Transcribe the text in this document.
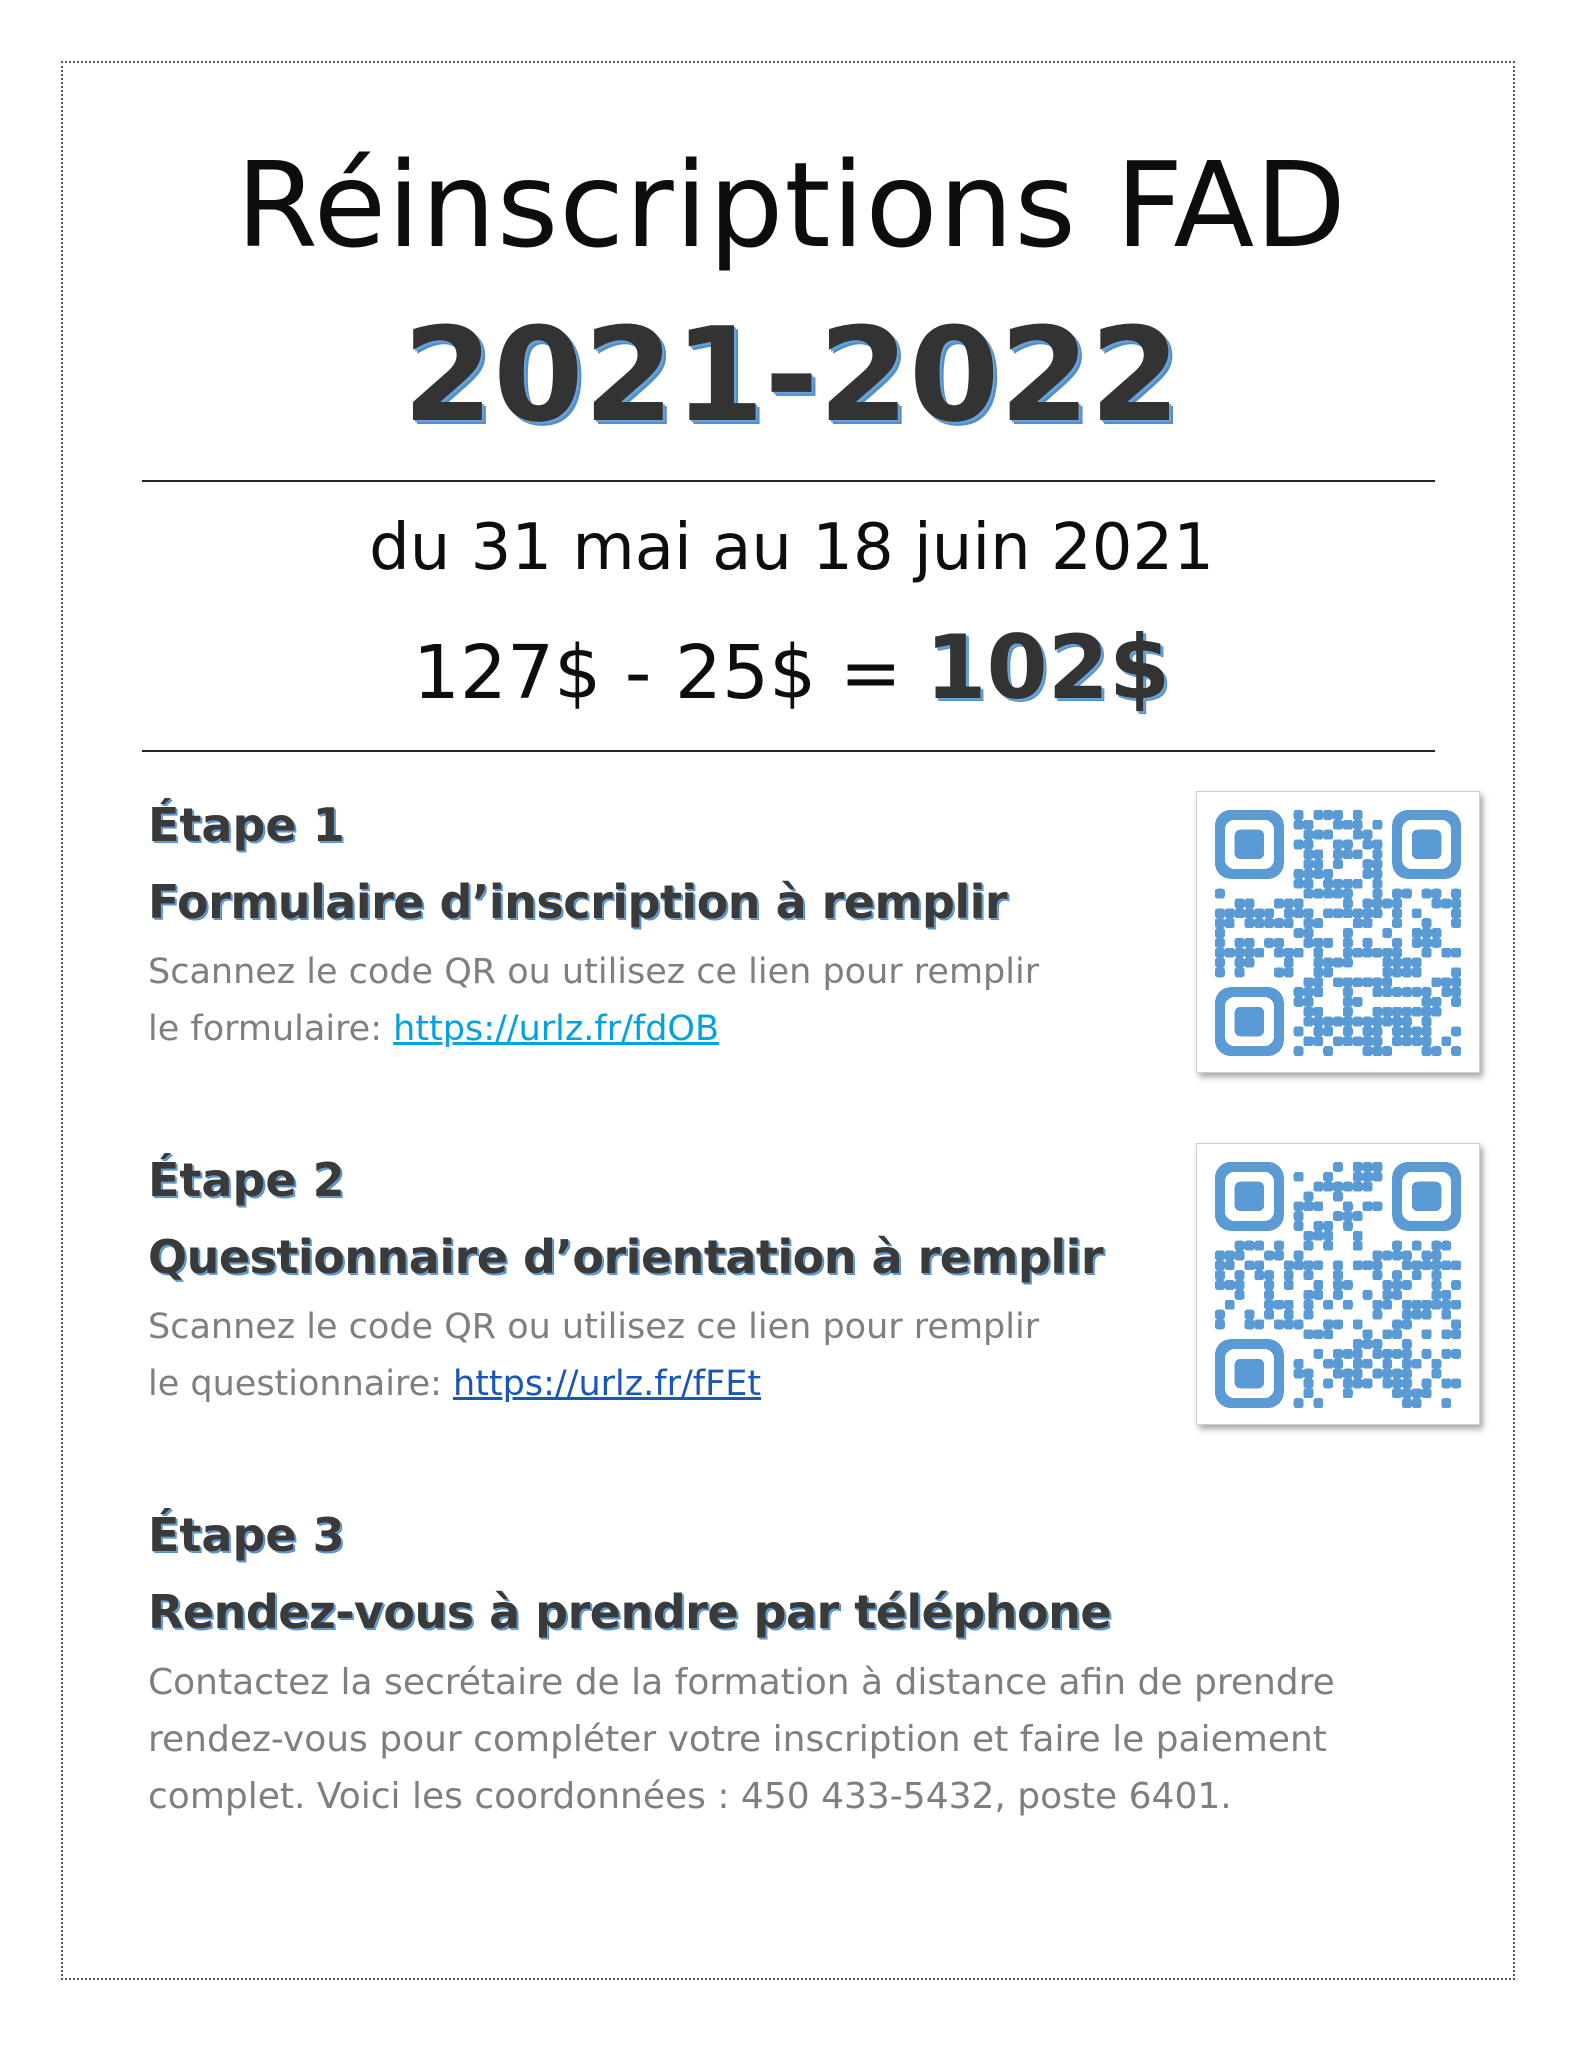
Réinscriptions FAD
2021-2022
du 31 mai au 18 juin 2021
127$ - 25$ = 102$
Étape 1
Formulaire d’inscription à remplir
Scannez le code QR ou utilisez ce lien pour remplir
le formulaire: https://urlz.fr/fdOB
Étape 2
Questionnaire d’orientation à remplir
Scannez le code QR ou utilisez ce lien pour remplir
le questionnaire: https://urlz.fr/fFEt
Étape 3
Rendez-vous à prendre par téléphone
Contactez la secrétaire de la formation à distance afin de prendre
rendez-vous pour compléter votre inscription et faire le paiement
complet. Voici les coordonnées : 450 433-5432, poste 6401.
